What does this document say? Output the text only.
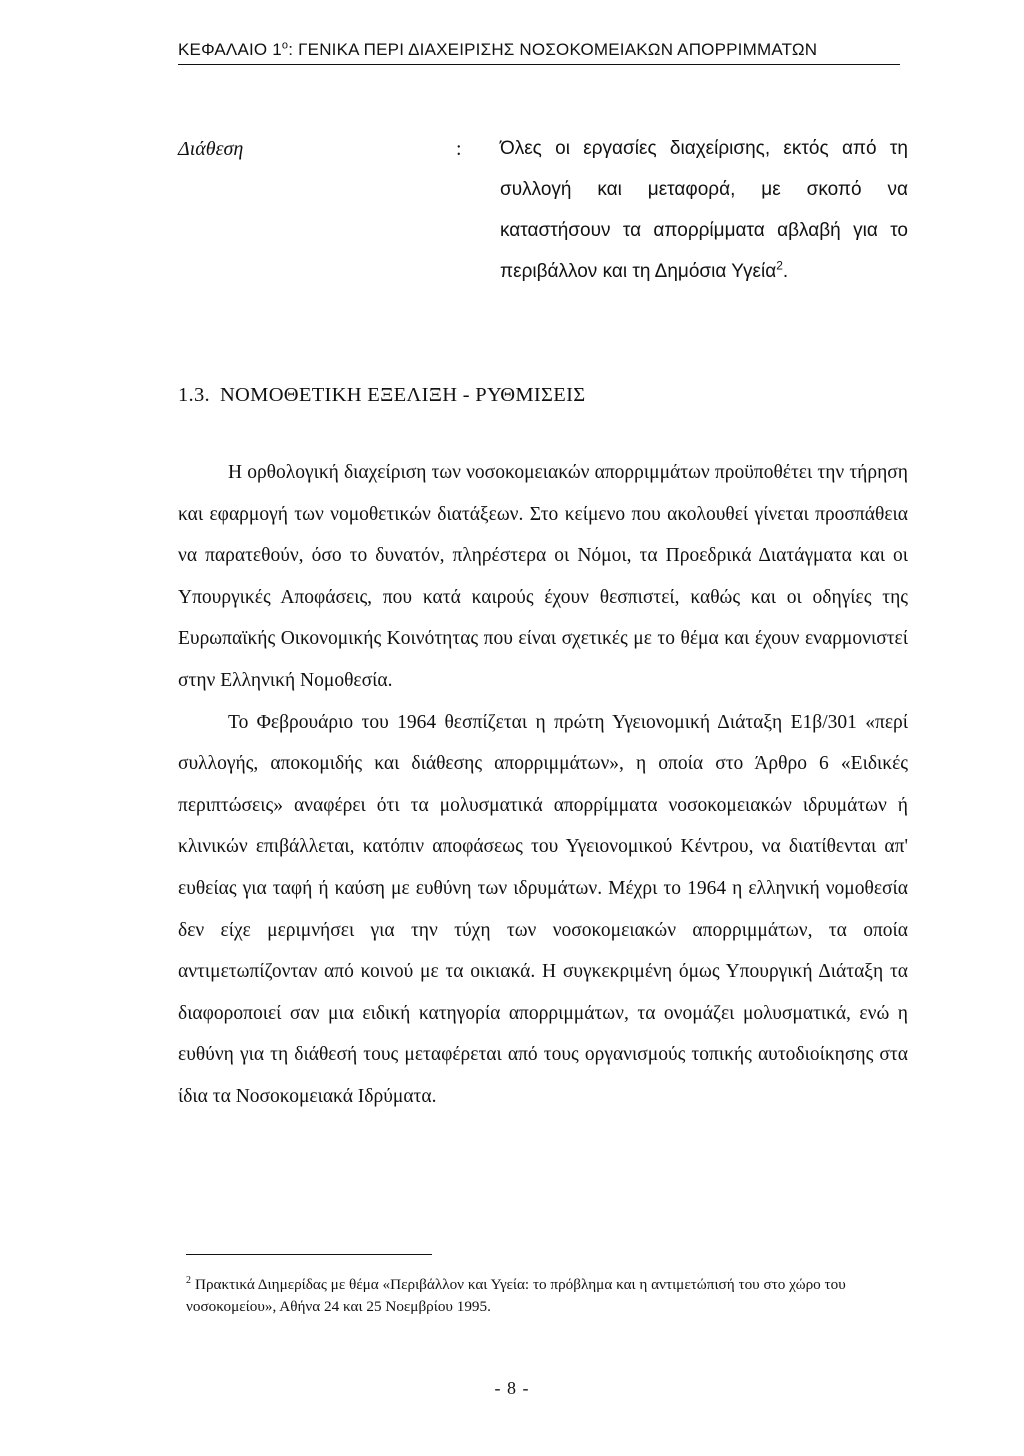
ΚΕΦΑΛΑΙΟ $1^o$: ΓΕΝΙΚΑ ΠΕΡΙ ΔΙΑΧΕΙΡΙΣΗΣ ΝΟΣΟΚΟΜΕΙΑΚΩΝ ΑΠΟΡΡΙΜΜΑΤΩΝ
Διάθεση	: Όλες οι εργασίες διαχείρισης, εκτός από τη συλλογή και μεταφορά, με σκοπό να καταστήσουν τα απορρίμματα αβλαβή για το περιβάλλον και τη Δημόσια Υγεία$^2$.
1.3. ΝΟΜΟΘΕΤΙΚΗ ΕΞΕΛΙΞΗ - ΡΥΘΜΙΣΕΙΣ

Η ορθολογική διαχείριση των νοσοκομειακών απορριμμάτων προϋποθέτει την τήρηση και εφαρμογή των νομοθετικών διατάξεων. Στο κείμενο που ακολουθεί γίνεται προσπάθεια να παρατεθούν, όσο το δυνατόν, πληρέστερα οι Νόμοι, τα Προεδρικά Διατάγματα και οι Υπουργικές Αποφάσεις, που κατά καιρούς έχουν θεσπιστεί, καθώς και οι οδηγίες της Ευρωπαϊκής Οικονομικής Κοινότητας που είναι σχετικές με το θέμα και έχουν εναρμονιστεί στην Ελληνική Νομοθεσία.

Το Φεβρουάριο του 1964 θεσπίζεται η πρώτη Υγειονομική Διάταξη Ε1β/301 «περί συλλογής, αποκομιδής και διάθεσης απορριμμάτων», η οποία στο Άρθρο 6 «Ειδικές περιπτώσεις» αναφέρει ότι τα μολυσματικά απορρίμματα νοσοκομειακών ιδρυμάτων ή κλινικών επιβάλλεται, κατόπιν αποφάσεως του Υγειονομικού Κέντρου, να διατίθενται απ' ευθείας για ταφή ή καύση με ευθύνη των ιδρυμάτων. Μέχρι το 1964 η ελληνική νομοθεσία δεν είχε μεριμνήσει για την τύχη των νοσοκομειακών απορριμμάτων, τα οποία αντιμετωπίζονταν από κοινού με τα οικιακά. Η συγκεκριμένη όμως Υπουργική Διάταξη τα διαφοροποιεί σαν μια ειδική κατηγορία απορριμμάτων, τα ονομάζει μολυσματικά, ενώ η ευθύνη για τη διάθεσή τους μεταφέρεται από τους οργανισμούς τοπικής αυτοδιοίκησης στα ίδια τα Νοσοκομειακά Ιδρύματα.

$^2$ Πρακτικά Διημερίδας με θέμα «Περιβάλλον και Υγεία: το πρόβλημα και η αντιμετώπισή του στο χώρο του νοσοκομείου», Αθήνα 24 και 25 Νοεμβρίου 1995.
- 8 -
